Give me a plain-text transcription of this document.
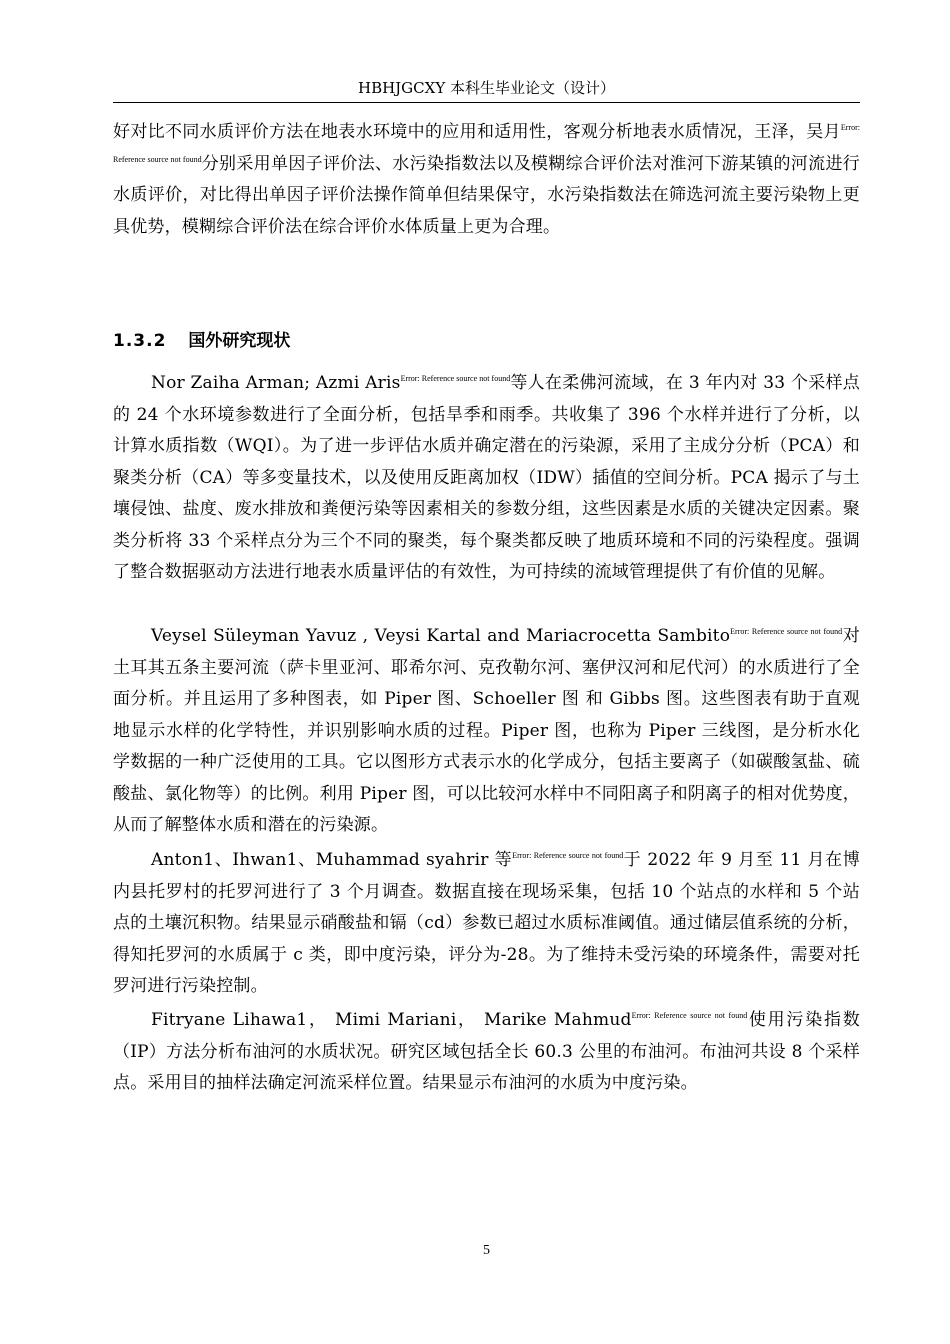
HBHJGCXY 本科生毕业论文（设计）

好对比不同水质评价方法在地表水环境中的应用和适用性，客观分析地表水质情况，王泽，吴月$^{Error: Reference source not found}$分别采用单因子评价法、水污染指数法以及模糊综合评价法对淮河下游某镇的河流进行水质评价，对比得出单因子评价法操作简单但结果保守，水污染指数法在筛选河流主要污染物上更具优势，模糊综合评价法在综合评价水体质量上更为合理。

1.3.2 国外研究现状

Nor Zaiha Arman; Azmi Aris$^{Error: Reference source not found}$等人在柔佛河流域，在 3 年内对 33 个采样点的 24 个水环境参数进行了全面分析，包括旱季和雨季。共收集了 396 个水样并进行了分析，以计算水质指数（WQI）。为了进一步评估水质并确定潜在的污染源，采用了主成分分析（PCA）和聚类分析（CA）等多变量技术，以及使用反距离加权（IDW）插值的空间分析。PCA 揭示了与土壤侵蚀、盐度、废水排放和粪便污染等因素相关的参数分组，这些因素是水质的关键决定因素。聚类分析将 33 个采样点分为三个不同的聚类，每个聚类都反映了地质环境和不同的污染程度。强调了整合数据驱动方法进行地表水质量评估的有效性，为可持续的流域管理提供了有价值的见解。

Veysel Süleyman Yavuz , Veysi Kartal and Mariacrocetta Sambito$^{Error: Reference source not found}$对土耳其五条主要河流（萨卡里亚河、耶希尔河、克孜勒尔河、塞伊汉河和尼代河）的水质进行了全面分析。并且运用了多种图表，如 Piper 图、Schoeller 图 和 Gibbs 图。这些图表有助于直观地显示水样的化学特性，并识别影响水质的过程。Piper 图，也称为 Piper 三线图，是分析水化学数据的一种广泛使用的工具。它以图形方式表示水的化学成分，包括主要离子（如碳酸氢盐、硫酸盐、氯化物等）的比例。利用 Piper 图，可以比较河水样中不同阳离子和阴离子的相对优势度，从而了解整体水质和潜在的污染源。

Anton1、Ihwan1、Muhammad syahrir 等$^{Error: Reference source not found}$于 2022 年 9 月至 11 月在博内县托罗村的托罗河进行了 3 个月调查。数据直接在现场采集，包括 10 个站点的水样和 5 个站点的土壤沉积物。结果显示硝酸盐和镉（cd）参数已超过水质标准阈值。通过储层值系统的分析，得知托罗河的水质属于 c 类，即中度污染，评分为-28。为了维持未受污染的环境条件，需要对托罗河进行污染控制。

Fitryane Lihawa1， Mimi Mariani， Marike Mahmud$^{Error: Reference source not found}$使用污染指数（IP）方法分析布油河的水质状况。研究区域包括全长 60.3 公里的布油河。布油河共设 8 个采样点。采用目的抽样法确定河流采样位置。结果显示布油河的水质为中度污染。

5
